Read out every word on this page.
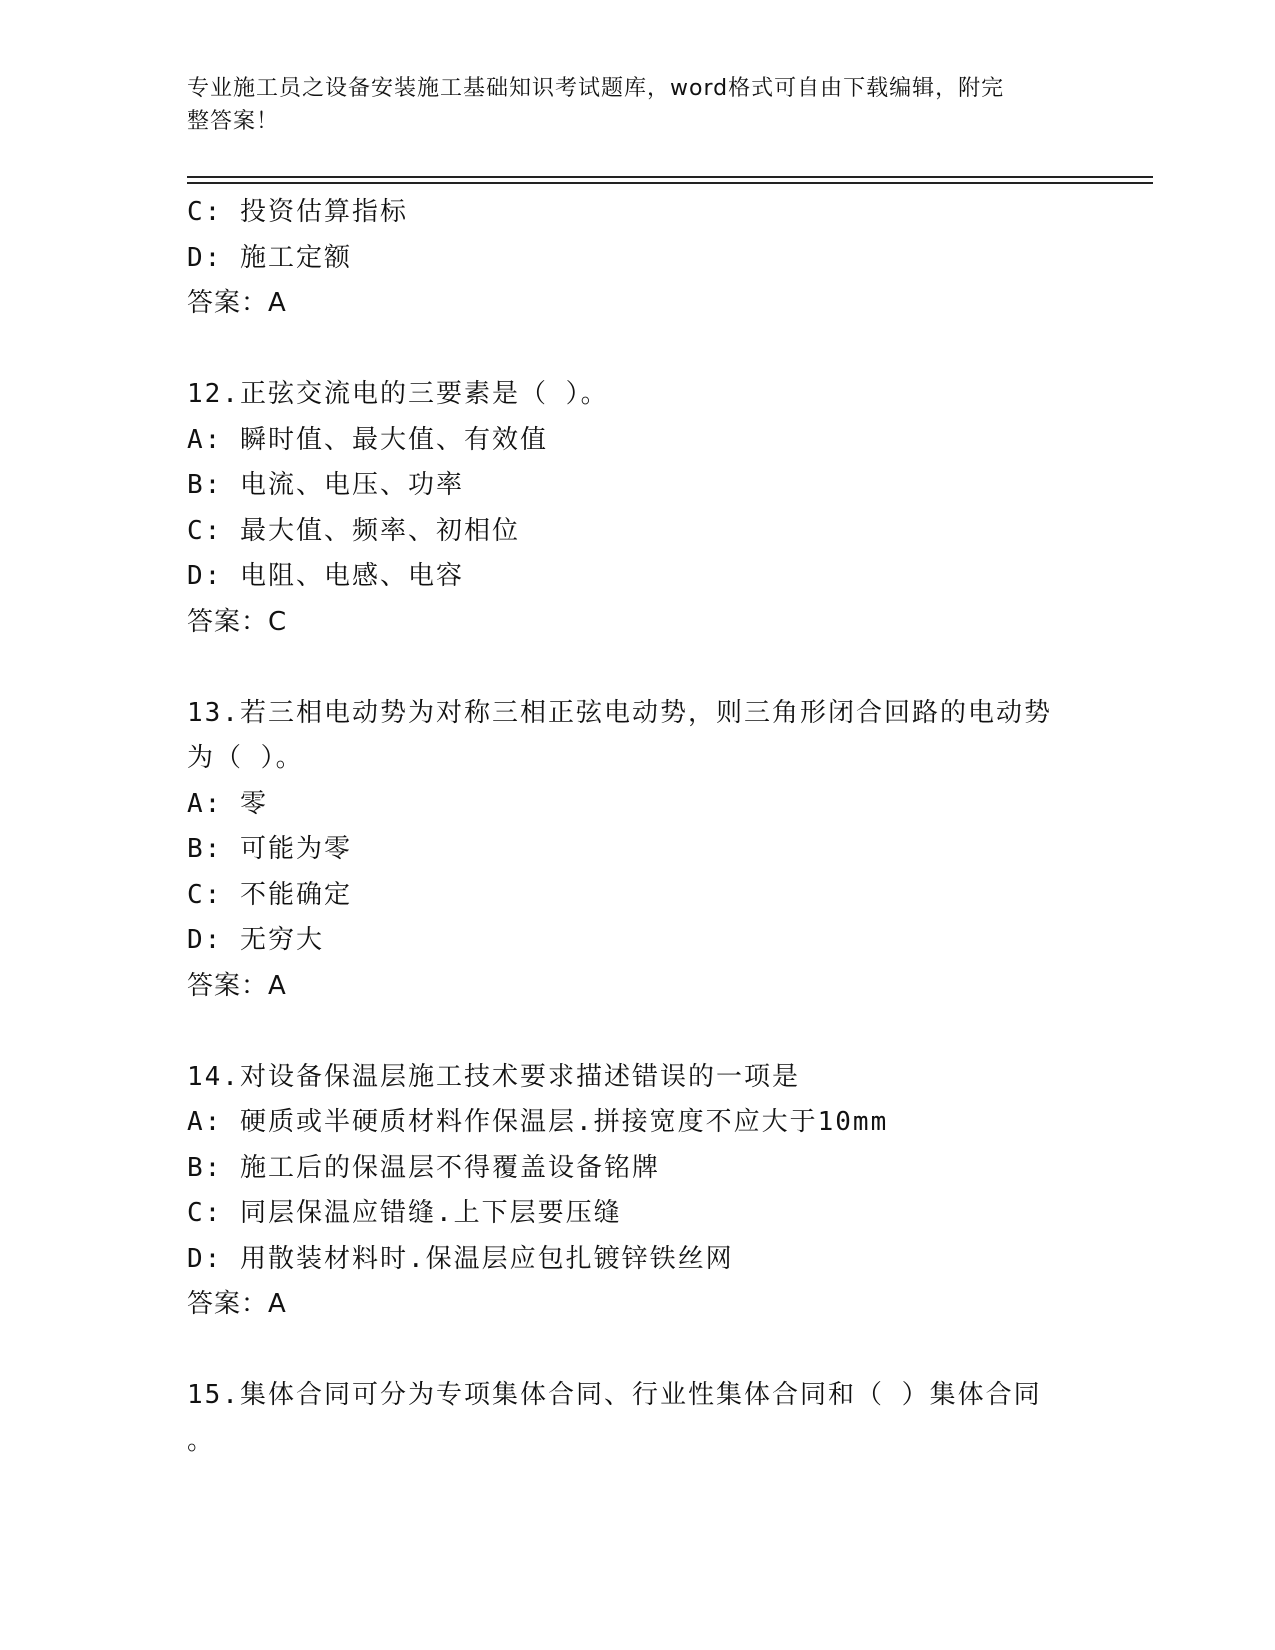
专业施工员之设备安装施工基础知识考试题库，word格式可自由下载编辑，附完
整答案！
C: 投资估算指标
D: 施工定额
答案：A
12.正弦交流电的三要素是（ ）。
A: 瞬时值、最大值、有效值
B: 电流、电压、功率
C: 最大值、频率、初相位
D: 电阻、电感、电容
答案：C
13.若三相电动势为对称三相正弦电动势，则三角形闭合回路的电动势
为（ ）。
A: 零
B: 可能为零
C: 不能确定
D: 无穷大
答案：A
14.对设备保温层施工技术要求描述错误的一项是
A: 硬质或半硬质材料作保温层.拼接宽度不应大于10mm
B: 施工后的保温层不得覆盖设备铭牌
C: 同层保温应错缝.上下层要压缝
D: 用散装材料时.保温层应包扎镀锌铁丝网
答案：A
15.集体合同可分为专项集体合同、行业性集体合同和（ ）集体合同
。
